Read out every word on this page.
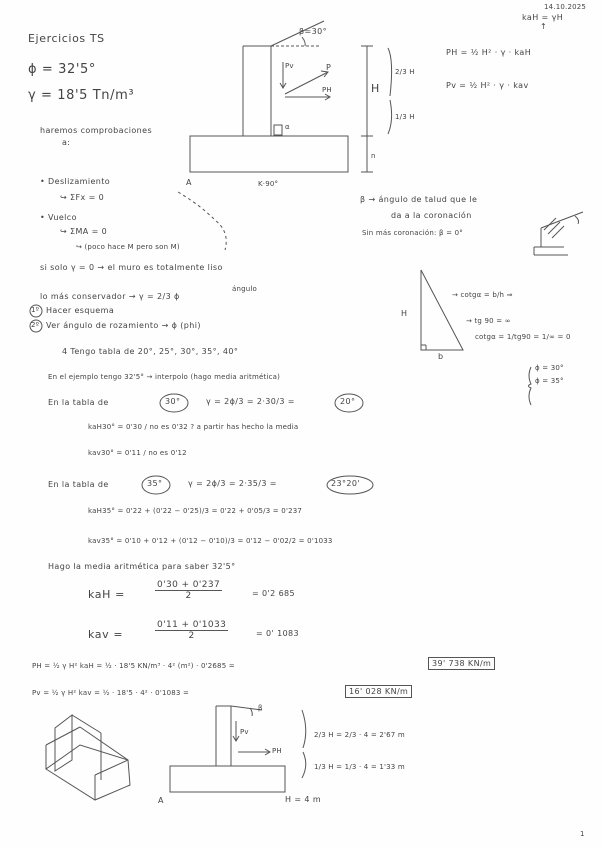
14.10.2025
kaH = γH
↑
Ejercicios TS
ϕ = 32'5°
γ = 18'5 Tn/m³
PH = ½ H² · γ · kaH
Pv = ½ H² · γ · kav
β=30°
Pv	P
PH	H
2/3 H
1/3 H
n
α
A	K·90°
haremos comprobaciones
a:
• Deslizamiento
↪ ΣFx = 0
• Vuelco
↪ ΣMA = 0
↪ (poco hace M pero son M)
si solo γ = 0 → el muro es totalmente liso
lo más conservador → γ = 2/3 ϕ
ángulo
β → ángulo de talud que le
da a la coronación
Sin más coronación: β = 0°
H
b
→ cotgα = b/h ⇒
→ tg 90 = ∞
cotgα = 1/tg90 = 1/∞ = 0
1º Hacer esquema
2º Ver ángulo de rozamiento → ϕ (phi)
4 Tengo tabla de 20°, 25°, 30°, 35°, 40°
En el ejemplo tengo 32'5° → interpolo (hago media aritmética)
ϕ = 30°
ϕ = 35°
En la tabla de	30°	γ = 2ϕ/3 = 2·30/3 =	20°
kaH30° = 0'30 / no es 0'32 ? a partir has hecho la media
kav30° = 0'11 / no es 0'12
En la tabla de	35°	γ = 2ϕ/3 = 2·35/3 =	23°20'
kaH35° = 0'22 + (0'22 − 0'25)/3 = 0'22 + 0'05/3 = 0'237
kav35° = 0'10 + 0'12 + (0'12 − 0'10)/3 = 0'12 − 0'02/2 = 0'1033
Hago la media aritmética para saber 32'5°
kaH =	$\frac{0'30 + 0'237}{2}$	= 0'2 685
kav =	$\frac{0'11 + 0'1033}{2}$	= 0' 1083
PH = ½ γ H² kaH = ½ · 18'5 KN/m³ · 4² (m²) · 0'2685 =	39' 738 KN/m
Pv = ½ γ H² kav = ½ · 18'5 · 4² · 0'1083 =	16' 028 KN/m
β
Pv
PH
A
2/3 H = 2/3 · 4 = 2'67 m
1/3 H = 1/3 · 4 = 1'33 m
H = 4 m
1
